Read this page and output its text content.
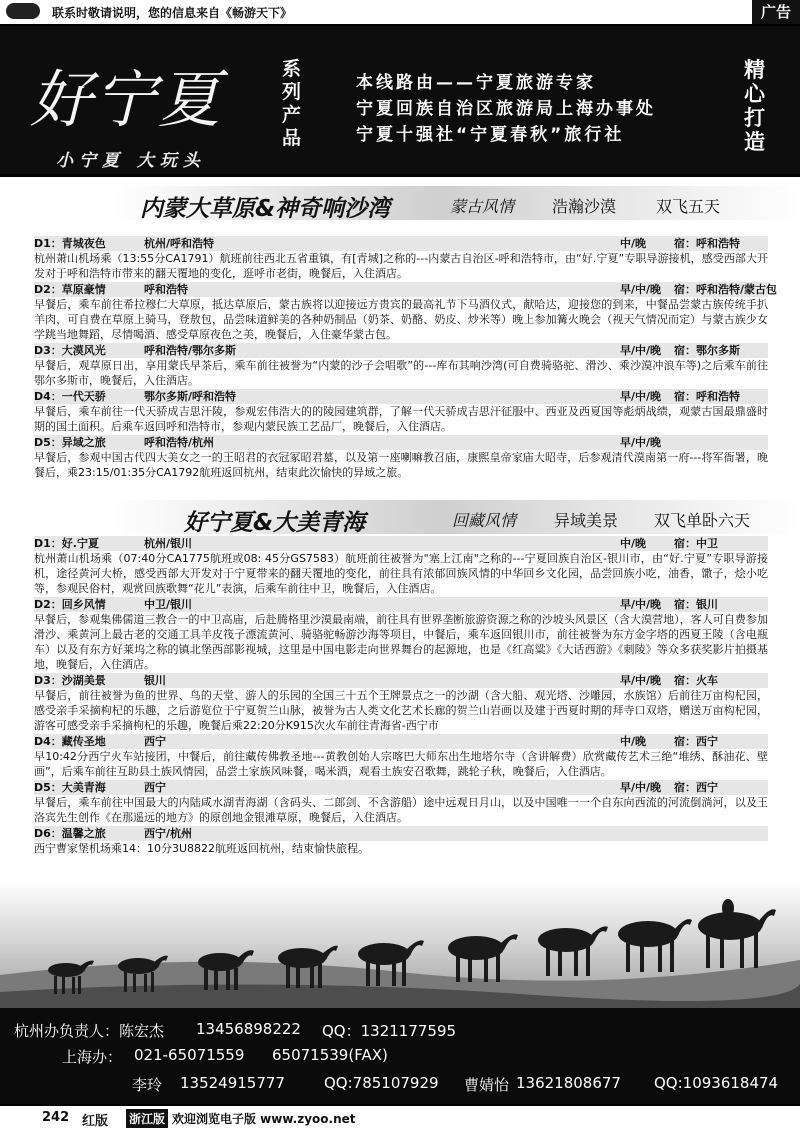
联系时敬请说明，您的信息来自《畅游天下》	广告
好宁夏
小宁夏 大玩头
系列产品
本线路由——宁夏旅游专家
宁夏回族自治区旅游局上海办事处
宁夏十强社“宁夏春秋”旅行社
精心打造
内蒙大草原&神奇响沙湾	蒙古风情 浩瀚沙漠 双飞五天
D1：青城夜色	杭州/呼和浩特	中/晚	宿：呼和浩特
杭州萧山机场乘（13:55分CA1791）航班前往西北五省重镇，有[青城]之称的---内蒙古自治区-呼和浩特市，由“好.宁夏”专职导游接机，感受西部大开发对于呼和浩特市带来的翻天覆地的变化，逛呼市老街，晚餐后，入住酒店。
D2：草原豪情	呼和浩特	早/中/晚 宿：呼和浩特/蒙古包
早餐后，乘车前往希拉穆仁大草原，抵达草原后，蒙古族将以迎接远方贵宾的最高礼节下马酒仪式，献哈达，迎接您的到来，中餐品尝蒙古族传统手扒羊肉，可自费在草原上骑马，登敖包，品尝味道鲜美的各种奶制品（奶茶、奶酪、奶皮、炒米等）晚上参加篝火晚会（视天气情况而定）与蒙古族少女学跳当地舞蹈，尽情喝酒、感受草原夜色之美，晚餐后，入住豪华蒙古包。
D3：大漠风光	呼和浩特/鄂尔多斯	早/中/晚 宿：鄂尔多斯
早餐后，观草原日出，享用蒙氏早茶后，乘车前往被誉为“内蒙的沙子会唱歌”的---库布其响沙湾(可自费骑骆驼、滑沙、乘沙漠冲浪车等)之后乘车前往鄂尔多斯市，晚餐后，入住酒店。
D4：一代天骄	鄂尔多斯/呼和浩特	早/中/晚 宿：呼和浩特
早餐后，乘车前往一代天骄成吉思汗陵，参观宏伟浩大的的陵园建筑群，了解一代天骄成吉思汗征服中、西亚及西夏国等彪炳战绩，观蒙古国最鼎盛时期的国土面积。后乘车返回呼和浩特市，参观内蒙民族工艺品厂，晚餐后，入住酒店。
D5：异域之旅	呼和浩特/杭州	早/中/晚
早餐后，参观中国古代四大美女之一的王昭君的衣冠冢昭君墓，以及第一座喇嘛教召庙，康熙皇帝家庙大昭寺，后参观清代漠南第一府---将军衙署，晚餐后，乘23:15/01:35分CA1792航班返回杭州，结束此次愉快的异域之旅。
好宁夏&大美青海	回藏风情 异域美景 双飞单卧六天
D1：好.宁夏	杭州/银川	中/晚	宿：中卫
杭州萧山机场乘（07:40分CA1775航班或08: 45分GS7583）航班前往被誉为"塞上江南"之称的---宁夏回族自治区-银川市，由“好.宁夏”专职导游接机，途径黄河大桥，感受西部大开发对于宁夏带来的翻天覆地的变化，前往具有浓郁回族风情的中华回乡文化园，品尝回族小吃，油香，馓子，烩小吃等，参观民俗村，观赏回族歌舞“花儿”表演，后乘车前往中卫，晚餐后，入住酒店。
D2：回乡风情	中卫/银川	早/中/晚 宿：银川
早餐后，参观集佛儒道三教合一的中卫高庙，后赴腾格里沙漠最南端，前往具有世界垄断旅游资源之称的沙坡头风景区（含大漠营地），客人可自费参加滑沙、乘黄河上最古老的交通工具羊皮筏子漂流黄河、骑骆驼畅游沙海等项目，中餐后，乘车返回银川市，前往被誉为东方金字塔的西夏王陵（含电瓶车）以及有东方好莱坞之称的镇北堡西部影视城，这里是中国电影走向世界舞台的起源地，也是《红高粱》《大话西游》《刺陵》等众多获奖影片拍摄基地，晚餐后，入住酒店。
D3：沙湖美景	银川	早/中/晚 宿：火车
早餐后，前往被誉为鱼的世界、鸟的天堂、游人的乐园的全国三十五个王牌景点之一的沙湖（含大船、观光塔、沙雕园，水族馆）后前往万亩构杞园，感受亲手采摘枸杞的乐趣，之后游览位于宁夏贺兰山脉，被誉为古人类文化艺术长廊的贺兰山岩画以及建于西夏时期的拜寺口双塔，赠送万亩构杞园，游客可感受亲手采摘枸杞的乐趣，晚餐后乘22:20分K915次火车前往青海省-西宁市
D4：藏传圣地	西宁	中/晚	宿：西宁
早10:42分西宁火车站接团，中餐后，前往藏传佛教圣地---黄教创始人宗喀巴大师东出生地塔尔寺（含讲解费）欣赏藏传艺术三绝“堆绣、酥油花、壁画”，后乘车前往互助县土族风情园，品尝土家族风味餐，喝米酒，观看土族安召歌舞，跳轮子秋，晚餐后，入住酒店。
D5：大美青海	西宁	早/中/晚 宿：西宁
早餐后，乘车前往中国最大的内陆咸水湖青海湖（含码头、二郎剑、不含游船）途中远观日月山，以及中国唯一一个自东向西流的河流倒淌河，以及王洛宾先生创作《在那遥远的地方》的原创地金银滩草原，晚餐后，入住酒店。
D6：温馨之旅	西宁/杭州
西宁曹家堡机场乘14：10分3U8822航班返回杭州，结束愉快旅程。
杭州办负责人：陈宏杰 13456898222 QQ：1321177595
上海办： 021-65071559 65071539(FAX)
李玲 13524915777	QQ:785107929 曹婧怡 13621808677 QQ:1093618474
242 红版 浙江版 欢迎浏览电子版 www.zyoo.net
